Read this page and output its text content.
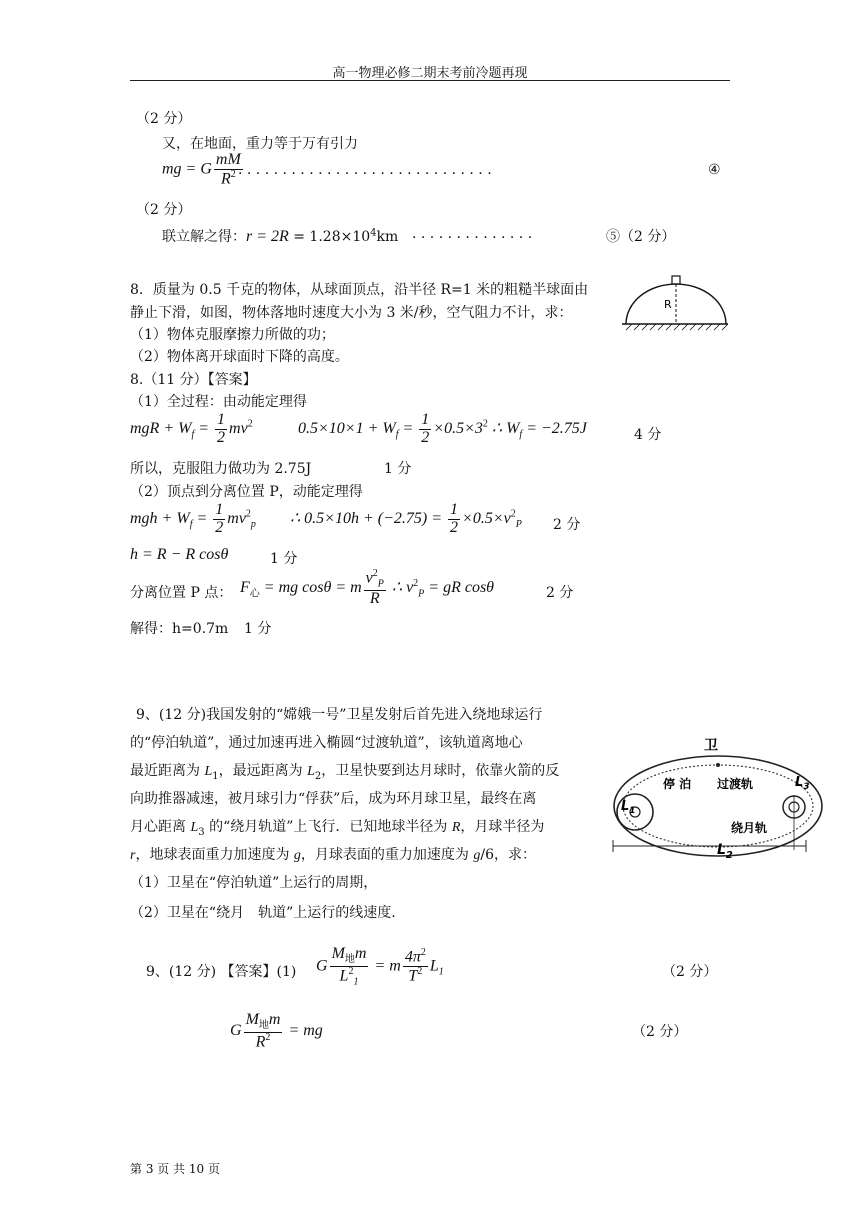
高一物理必修二期末考前冷题再现
（2 分）
又，在地面，重力等于万有引力
mg = G $\frac{mM}{R^2}$
. . . . . . . . . . . . . . . . . . . . . . . . . . . . .	④
（2 分）
联立解之得：$r = 2R = 1.28\times 10^4km$ . . . . . . . . . . . . . .	⑤（2 分）
8．质量为 0.5 千克的物体，从球面顶点，沿半径 R=1 米的粗糙半球面由
静止下滑，如图，物体落地时速度大小为 3 米/秒，空气阻力不计，求：
（1）物体克服摩擦力所做的功；
（2）物体离开球面时下降的高度。
R
8.（11 分）【答案】
（1）全过程：由动能定理得
mgR + $W_f = \frac{1}{2} mv^2$	$0.5\times 10\times 1 + W_f = \frac{1}{2} \times 0.5\times 3^2$ ∴ $W_f = -2.75J$	4 分
所以，克服阻力做功为 2.75J	1 分
（2）顶点到分离位置 P，动能定理得
mgh + $W_f = \frac{1}{2} mv^2_p$ ∴ $0.5\times 10h + (-2.75) = \frac{1}{2} \times 0.5\times v^2_P$ 2 分
h = R − R cosθ	1 分
分离位置 P 点： $F_心$ = mg cosθ = m $\frac{v^2_P}{R}$ ∴ $v^2_P$ = gR cosθ	2 分
解得：h=0.7m 1 分
9、(12 分)我国发射的“嫦娥一号”卫星发射后首先进入绕地球运行
的“停泊轨道”，通过加速再进入椭圆“过渡轨道”，该轨道离地心
最近距离为 $L_1$，最远距离为 $L_2$，卫星快要到达月球时，依靠火箭的反
向助推器减速，被月球引力“俘获”后，成为环月球卫星，最终在离
月心距离 $L_3$ 的“绕月轨道”上飞行．已知地球半径为 R，月球半径为
r，地球表面重力加速度为 g，月球表面的重力加速度为 g/6，求：
（1）卫星在“停泊轨道”上运行的周期，
（2）卫星在“绕月　轨道”上运行的线速度.
卫
停 泊 过渡轨
绕月轨
$L_1$
$L_2$
$L_3$
9、(12 分) 【答案】(1) G
$M_地m$
$L^2_1$
= m $\frac{4\pi^2}{T^2} L_1$	（2 分）
G
$M_地m$
$R^2$ = mg	（2 分）
第 3 页 共 10 页
